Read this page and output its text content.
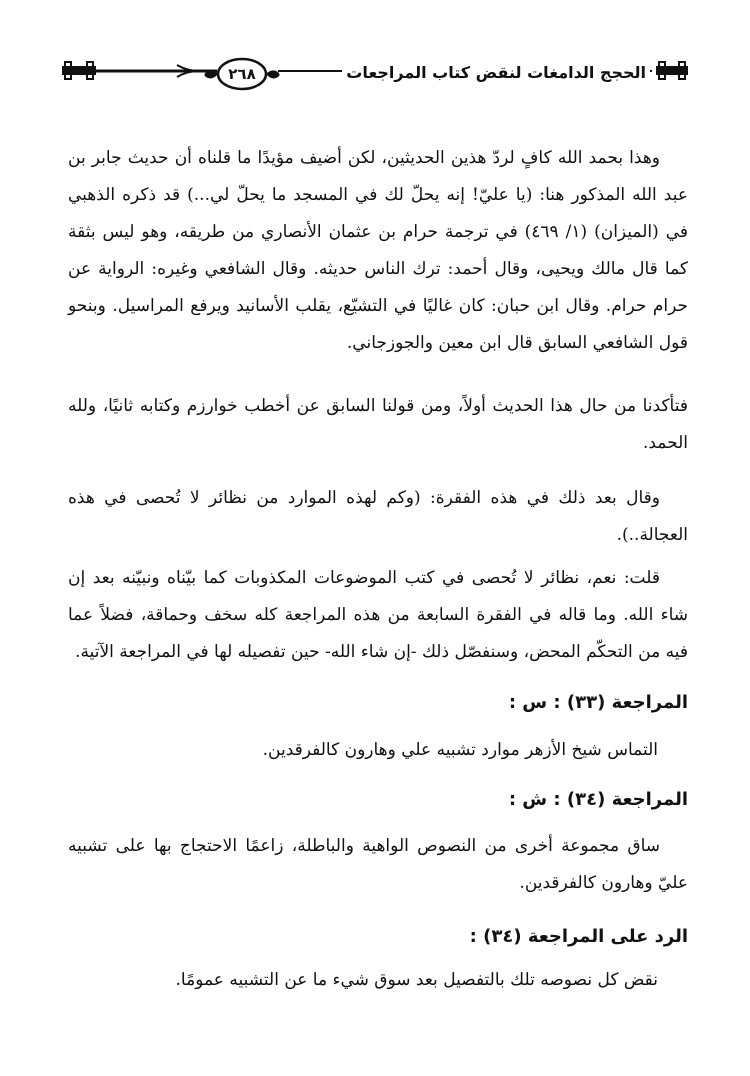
٢٦٨	الحجج الدامغات لنقض كتاب المراجعات
وهذا بحمد الله كافٍ لردّ هذين الحديثين، لكن أضيف مؤيدًا ما قلناه أن حديث جابر بن عبد الله المذكور هنا: (يا عليّ! إنه يحلّ لك في المسجد ما يحلّ لي...) قد ذكره الذهبي في (الميزان) (١/ ٤٦٩) في ترجمة حرام بن عثمان الأنصاري من طريقه، وهو ليس بثقة كما قال مالك ويحيى، وقال أحمد: ترك الناس حديثه. وقال الشافعي وغيره: الرواية عن حرام حرام. وقال ابن حبان: كان غاليًا في التشيّع، يقلب الأسانيد ويرفع المراسيل. وبنحو قول الشافعي السابق قال ابن معين والجوزجاني.
فتأكدنا من حال هذا الحديث أولاً، ومن قولنا السابق عن أخطب خوارزم وكتابه ثانيًا، ولله الحمد.
وقال بعد ذلك في هذه الفقرة: (وكم لهذه الموارد من نظائر لا تُحصى في هذه العجالة..).
قلت: نعم، نظائر لا تُحصى في كتب الموضوعات المكذوبات كما بيّناه ونبيّنه بعد إن شاء الله. وما قاله في الفقرة السابعة من هذه المراجعة كله سخف وحماقة، فضلاً عما فيه من التحكّم المحض، وسنفصّل ذلك -إن شاء الله- حين تفصيله لها في المراجعة الآتية.
المراجعة (٣٣) : س :
التماس شيخ الأزهر موارد تشبيه علي وهارون كالفرقدين.
المراجعة (٣٤) : ش :
ساق مجموعة أخرى من النصوص الواهية والباطلة، زاعمًا الاحتجاج بها على تشبيه عليّ وهارون كالفرقدين.
الرد على المراجعة (٣٤) :
نقض كل نصوصه تلك بالتفصيل بعد سوق شيء ما عن التشبيه عمومًا.
